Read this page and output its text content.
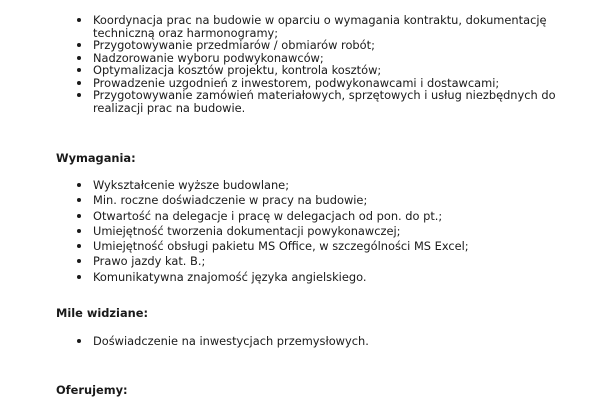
Koordynacja prac na budowie w oparciu o wymagania kontraktu, dokumentację techniczną oraz harmonogramy;
Przygotowywanie przedmiarów / obmiarów robót;
Nadzorowanie wyboru podwykonawców;
Optymalizacja kosztów projektu, kontrola kosztów;
Prowadzenie uzgodnień z inwestorem, podwykonawcami i dostawcami;
Przygotowywanie zamówień materiałowych, sprzętowych i usług niezbędnych do realizacji prac na budowie.
Wymagania:
Wykształcenie wyższe budowlane;
Min. roczne doświadczenie w pracy na budowie;
Otwartość na delegacje i pracę w delegacjach od pon. do pt.;
Umiejętność tworzenia dokumentacji powykonawczej;
Umiejętność obsługi pakietu MS Office, w szczególności MS Excel;
Prawo jazdy kat. B.;
Komunikatywna znajomość języka angielskiego.
Mile widziane:
Doświadczenie na inwestycjach przemysłowych.
Oferujemy:
